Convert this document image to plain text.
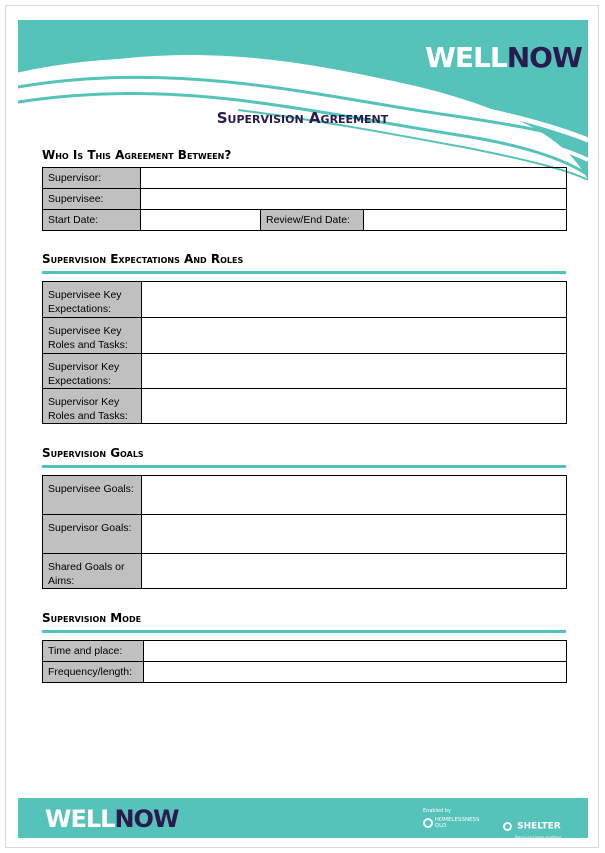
WELLNOW
Supervision Agreement
Who Is This Agreement Between?
Supervisor:			
Supervisee:			
Start Date:		Review/End Date:	
Supervision Expectations And Roles
Supervisee Key Expectations:	
Supervisee Key Roles and Tasks:	
Supervisor Key Expectations:	
Supervisor Key Roles and Tasks:	
Supervision Goals
Supervisee Goals:	
Supervisor Goals:	
Shared Goals or Aims:	
Supervision Mode
Time and place:	
Frequency/length:	
WELLNOW	Enabled by
HOMELESSNESS QLD	SHELTER
Because home matters
